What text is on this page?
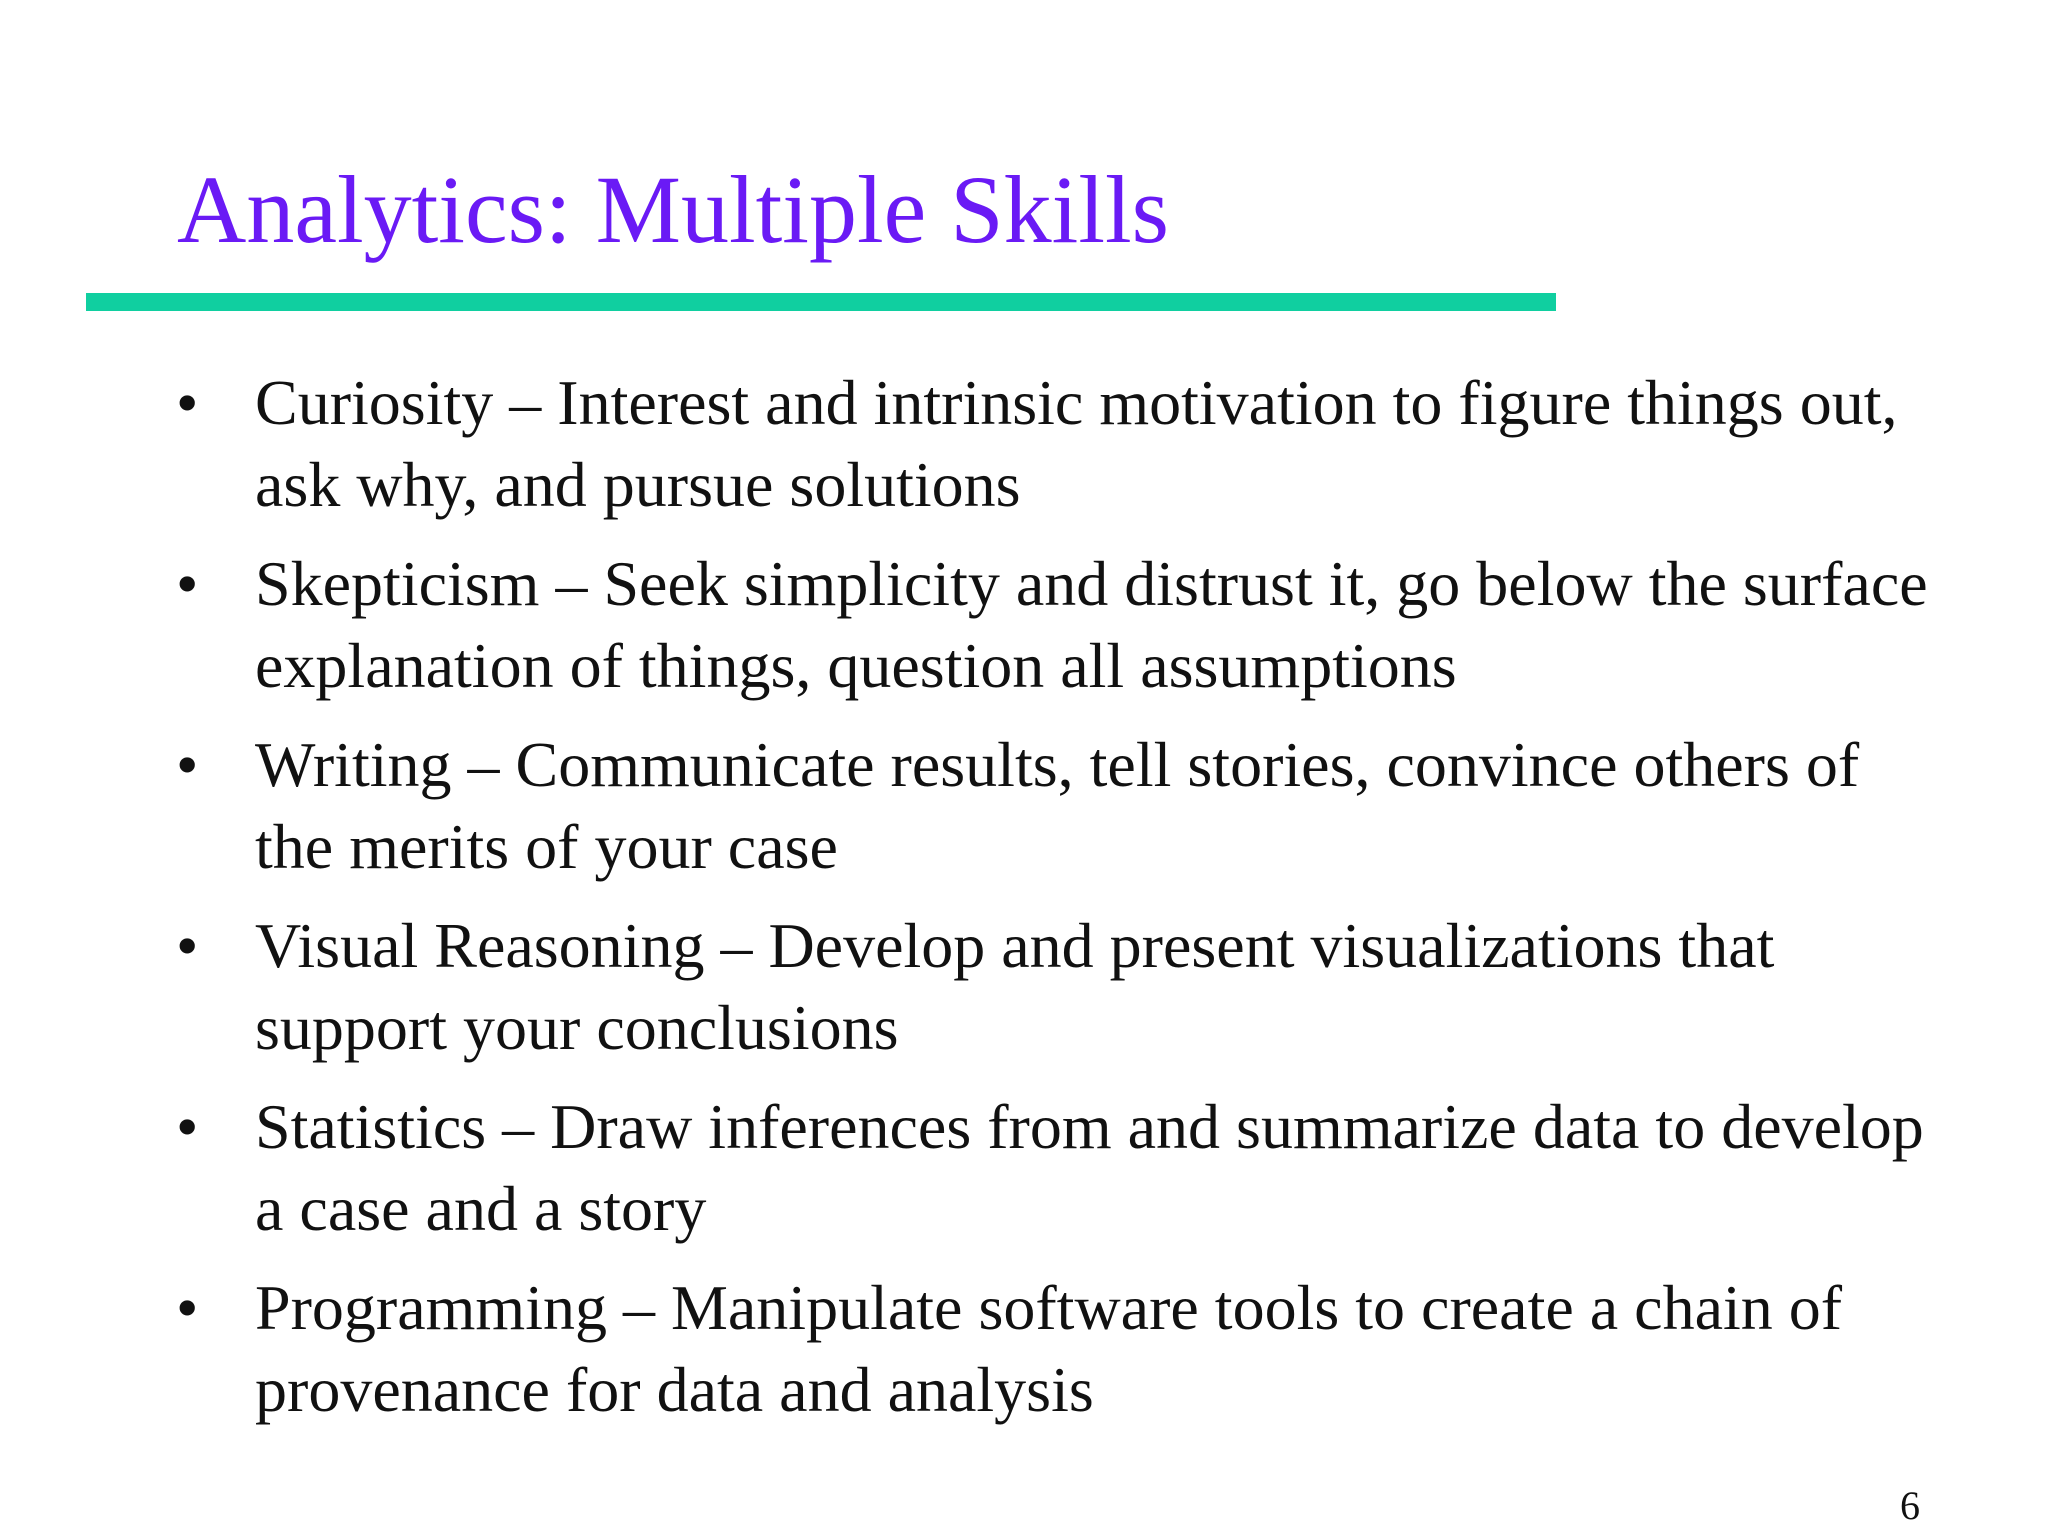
Analytics: Multiple Skills
• Curiosity – Interest and intrinsic motivation to figure things out, ask why, and pursue solutions
• Skepticism – Seek simplicity and distrust it, go below the surface explanation of things, question all assumptions
• Writing – Communicate results, tell stories, convince others of the merits of your case
• Visual Reasoning – Develop and present visualizations that support your conclusions
• Statistics – Draw inferences from and summarize data to develop a case and a story
• Programming – Manipulate software tools to create a chain of provenance for data and analysis
6
